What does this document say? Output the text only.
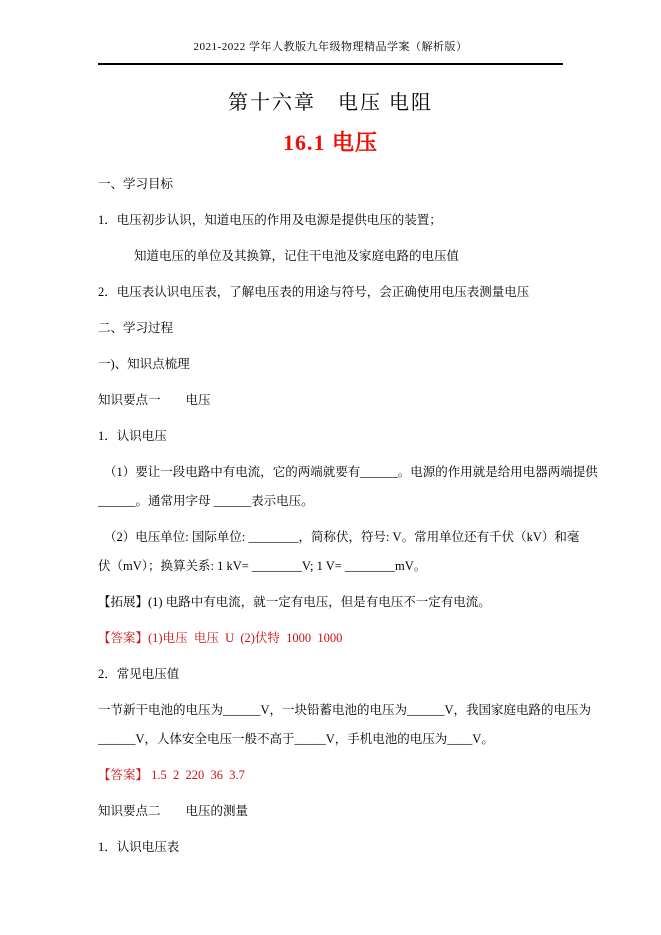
2021-2022 学年人教版九年级物理精品学案（解析版）
第十六章　电压 电阻
16.1 电压
一、学习目标
1．电压初步认识，知道电压的作用及电源是提供电压的装置；
知道电压的单位及其换算，记住干电池及家庭电路的电压值
2．电压表认识电压表，了解电压表的用途与符号，会正确使用电压表测量电压
二、学习过程
一)、知识点梳理
知识要点一　　电压
1．认识电压
（1）要让一段电路中有电流，它的两端就要有______。电源的作用就是给用电器两端提供
______。通常用字母 ______表示电压。
（2）电压单位: 国际单位: ________，简称伏，符号: V。常用单位还有千伏（kV）和毫
伏（mV）；换算关系: 1 kV= ________V; 1 V= ________mV。
【拓展】(1) 电路中有电流，就一定有电压，但是有电压不一定有电流。
【答案】(1)电压  电压  U  (2)伏特  1000  1000
2．常见电压值
一节新干电池的电压为______V，一块铅蓄电池的电压为______V，我国家庭电路的电压为
______V，人体安全电压一般不高于_____V，手机电池的电压为____V。
【答案】 1.5  2  220  36  3.7
知识要点二　　电压的测量
1．认识电压表
